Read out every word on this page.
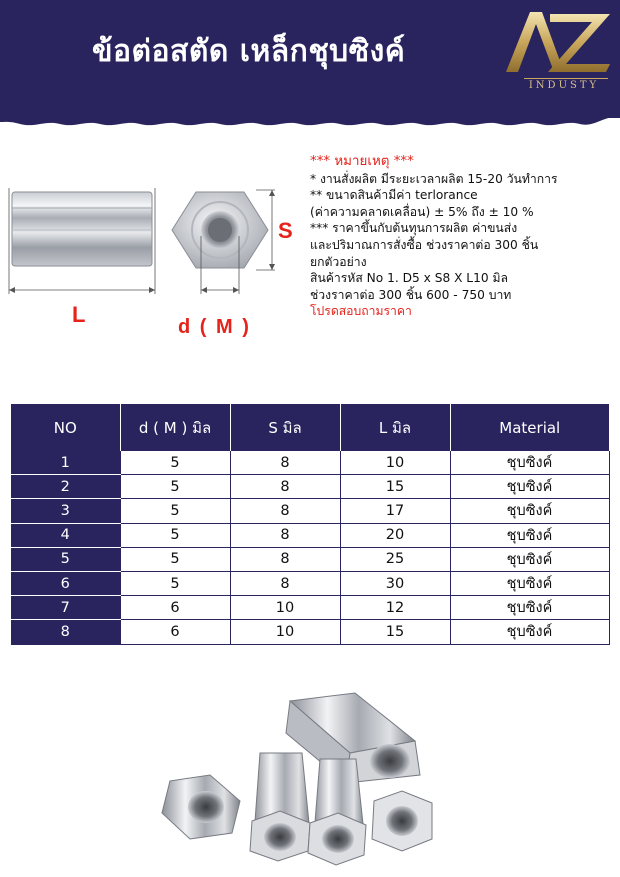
ข้อต่อสตัด เหล็กชุบซิงค์
INDUSTY
L
S
d ( M )
*** หมายเหตุ ***
* งานสั่งผลิต มีระยะเวลาผลิต 15-20 วันทำการ
** ขนาดสินค้ามีค่า terlorance
(ค่าความคลาดเคลื่อน) ± 5% ถึง ± 10 %
*** ราคาขึ้นกับต้นทุนการผลิต ค่าขนส่ง
และปริมาณการสั่งซื้อ ช่วงราคาต่อ 300 ชิ้น
ยกตัวอย่าง
สินค้ารหัส No 1. D5 x S8 X L10 มิล
ช่วงราคาต่อ 300 ชิ้น 600 - 750 บาท
โปรดสอบถามราคา
NO	d ( M ) มิล	S มิล	L มิล	Material
1	5	8	10	ชุบซิงค์
2	5	8	15	ชุบซิงค์
3	5	8	17	ชุบซิงค์
4	5	8	20	ชุบซิงค์
5	5	8	25	ชุบซิงค์
6	5	8	30	ชุบซิงค์
7	6	10	12	ชุบซิงค์
8	6	10	15	ชุบซิงค์
